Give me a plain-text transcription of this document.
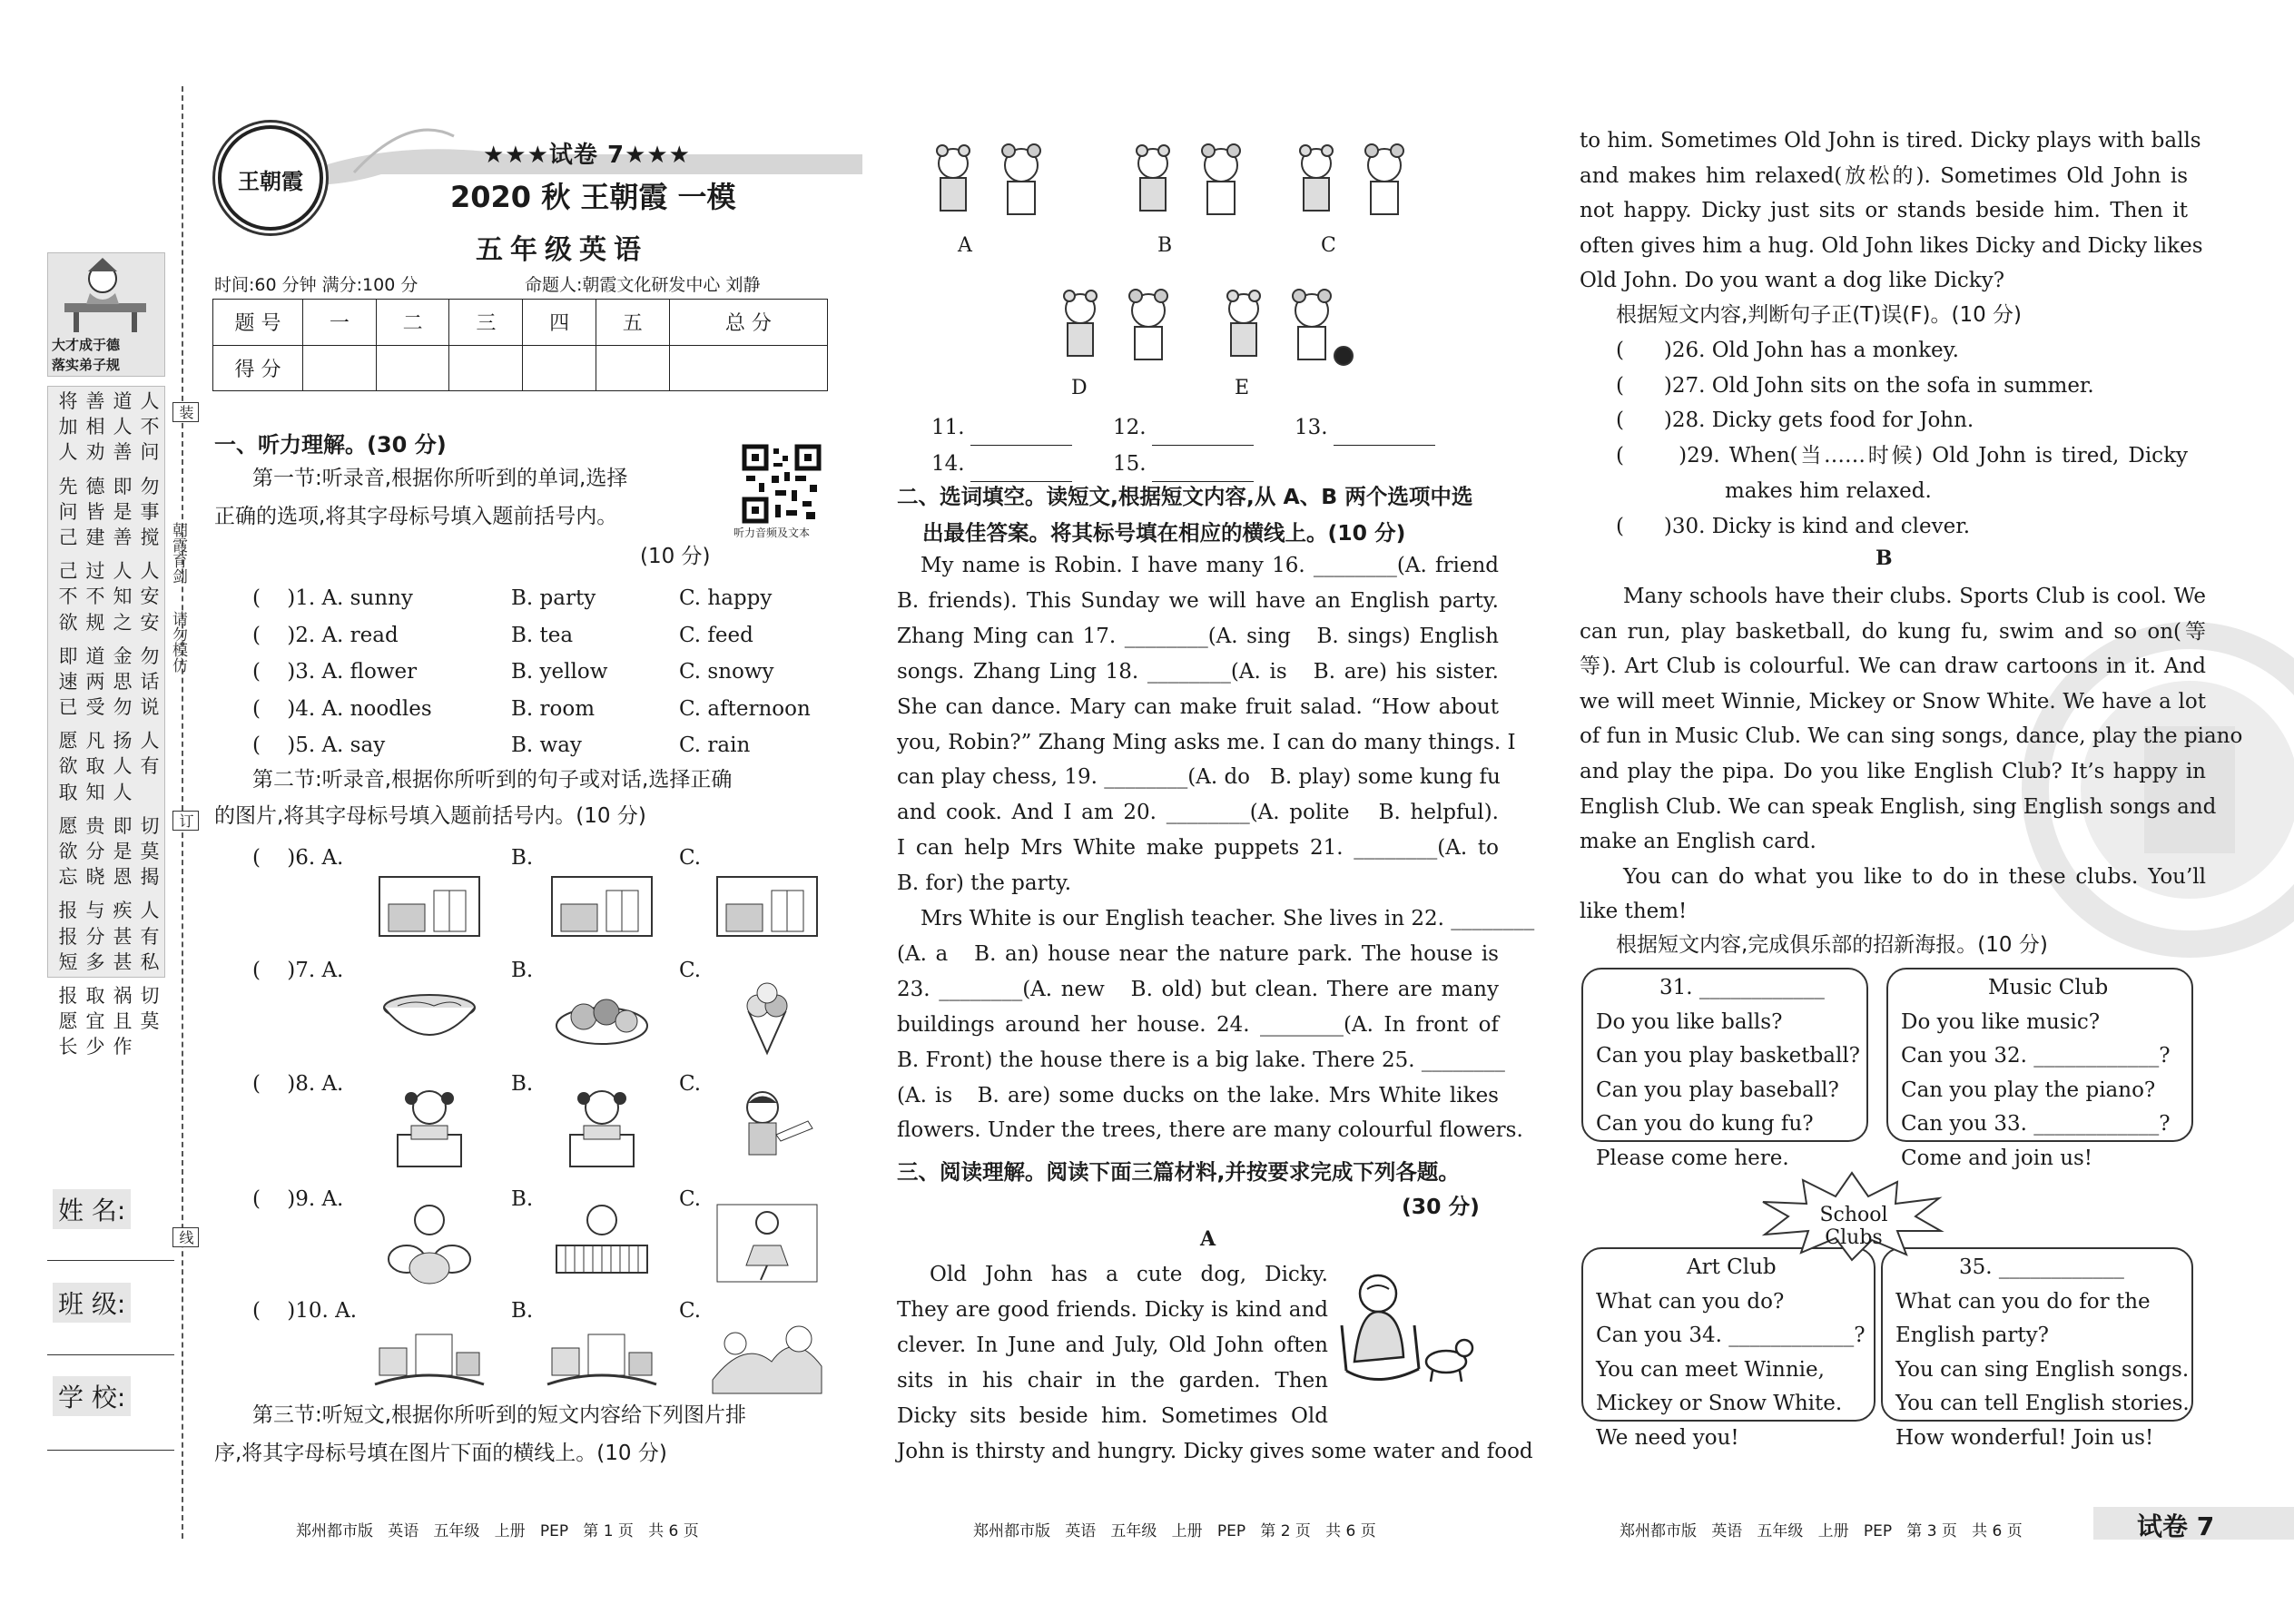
大才成于德
落实弟子规
将
加
人
先
问
己
己
不
欲
即
速
已
愿
欲
取
愿
欲
忘
报
报
短
报
愿
长
善
相
劝
德
皆
建
过
不
规
道
两
受
凡
取
知
贵
分
晓
与
分
多
取
宜
少
道
人
善
即
是
善
人
知
之
金
思
勿
扬
人
人
即
是
恩
疾
甚
甚
祸
且
作
人
不
问
勿
事
搅
人
安
安
勿
话
说
人
有
切
莫
揭
人
有
私
切
莫
朝霞育剑
请勿模仿
装
订
线
姓 名:
班 级:
学 校:
王朝霞
★★★试卷 7★★★
2020 秋 王朝霞 一模
五年级英语
时间:60 分钟 满分:100 分	命题人:朝霞文化研发中心 刘静
题 号	一	二	三	四	五	总 分
得 分						
一、听力理解。(30 分)
第一节:听录音,根据你所听到的单词,选择
正确的选项,将其字母标号填入题前括号内。
(10 分)
听力音频及文本
(    )1. A. sunny	B. party	C. happy
(    )2. A. read	B. tea	C. feed
(    )3. A. flower	B. yellow	C. snowy
(    )4. A. noodles	B. room	C. afternoon
(    )5. A. say	B. way	C. rain
第二节:听录音,根据你所听到的句子或对话,选择正确
的图片,将其字母标号填入题前括号内。(10 分)
(    )6. A.	B.	C.
(    )7. A.	B.	C.
(    )8. A.	B.	C.
(    )9. A.	B.	C.
(    )10. A.	B.	C.
第三节:听短文,根据你所听到的短文内容给下列图片排
序,将其字母标号填在图片下面的横线上。(10 分)
郑州都市版   英语   五年级   上册   PEP   第 1 页   共 6 页
A	B	C
D	E
11.	12.	13.
14.	15.
二、选词填空。读短文,根据短文内容,从 A、B 两个选项中选
出最佳答案。将其标号填在相应的横线上。(10 分)
My name is Robin. I have many 16. ________(A. friend
B. friends). This Sunday we will have an English party.
Zhang Ming can 17. ________(A. sing   B. sings) English
songs. Zhang Ling 18. ________(A. is   B. are) his sister.
She can dance. Mary can make fruit salad. “How about
you, Robin?” Zhang Ming asks me. I can do many things. I
can play chess, 19. ________(A. do   B. play) some kung fu
and cook. And I am 20. ________(A. polite   B. helpful).
I can help Mrs White make puppets 21. ________(A. to
B. for) the party.
Mrs White is our English teacher. She lives in 22. ________
(A. a   B. an) house near the nature park. The house is
23. ________(A. new   B. old) but clean. There are many
buildings around her house. 24. ________(A. In front of
B. Front) the house there is a big lake. There 25. ________
(A. is   B. are) some ducks on the lake. Mrs White likes
flowers. Under the trees, there are many colourful flowers.
三、阅读理解。阅读下面三篇材料,并按要求完成下列各题。
(30 分)
A
Old John has a cute dog, Dicky.
They are good friends. Dicky is kind and
clever. In June and July, Old John often
sits in his chair in the garden. Then
Dicky sits beside him. Sometimes Old
John is thirsty and hungry. Dicky gives some water and food
郑州都市版   英语   五年级   上册   PEP   第 2 页   共 6 页
to him. Sometimes Old John is tired. Dicky plays with balls
and makes him relaxed(放松的). Sometimes Old John is
not happy. Dicky just sits or stands beside him. Then it
often gives him a hug. Old John likes Dicky and Dicky likes
Old John. Do you want a dog like Dicky?
根据短文内容,判断句子正(T)误(F)。(10 分)
(      )26. Old John has a monkey.
(      )27. Old John sits on the sofa in summer.
(      )28. Dicky gets food for John.
(      )29. When(当……时候) Old John is tired, Dicky
makes him relaxed.
(      )30. Dicky is kind and clever.
B
Many schools have their clubs. Sports Club is cool. We
can run, play basketball, do kung fu, swim and so on(等
等). Art Club is colourful. We can draw cartoons in it. And
we will meet Winnie, Mickey or Snow White. We have a lot
of fun in Music Club. We can sing songs, dance, play the piano
and play the pipa. Do you like English Club? It’s happy in
English Club. We can speak English, sing English songs and
make an English card.
You can do what you like to do in these clubs. You’ll
like them!
根据短文内容,完成俱乐部的招新海报。(10 分)
31. ____________
Do you like balls?
Can you play basketball?
Can you play baseball?
Can you do kung fu?
Please come here.
Music Club
Do you like music?
Can you 32. ____________?
Can you play the piano?
Can you 33. ____________?
Come and join us!
Art Club
What can you do?
Can you 34. ____________?
You can meet Winnie,
Mickey or Snow White.
We need you!
35. ____________
What can you do for the
English party?
You can sing English songs.
You can tell English stories.
How wonderful! Join us!
School Clubs
郑州都市版   英语   五年级   上册   PEP   第 3 页   共 6 页	试卷 7
